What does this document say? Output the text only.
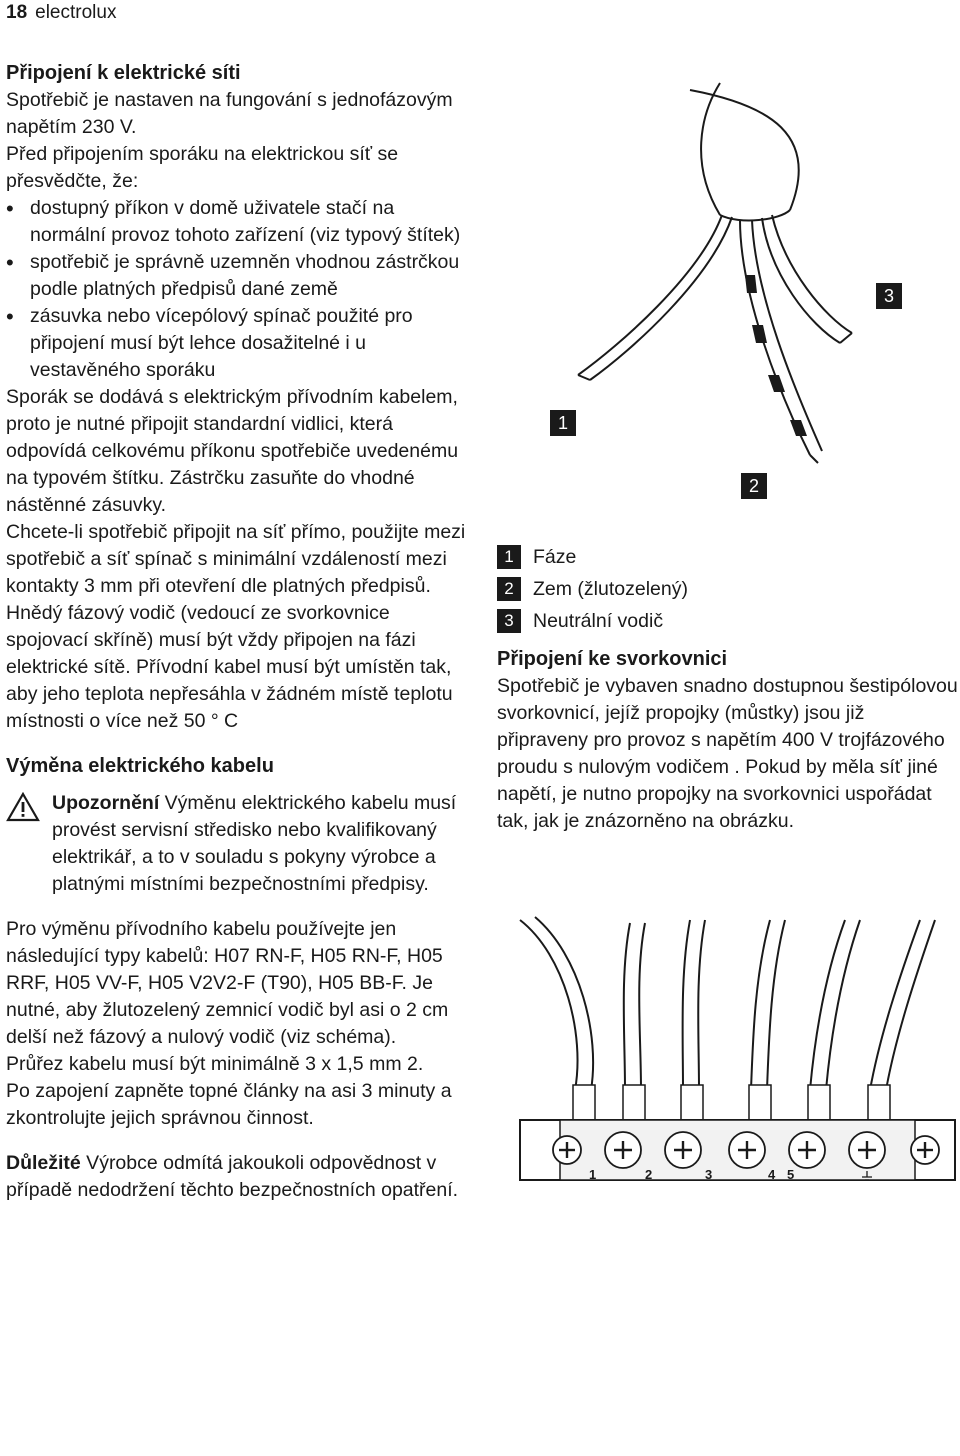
18 electrolux
Připojení k elektrické síti

Spotřebič je nastaven na fungování s jednofázovým napětím 230 V.

Před připojením sporáku na elektrickou síť se přesvědčte, že:

• dostupný příkon v domě uživatele stačí na normální provoz tohoto zařízení (viz typový štítek)
• spotřebič je správně uzemněn vhodnou zástrčkou podle platných předpisů dané země
• zásuvka nebo vícepólový spínač použité pro připojení musí být lehce dosažitelné i u vestavěného sporáku

Sporák se dodává s elektrickým přívodním kabelem, proto je nutné připojit standardní vidlici, která odpovídá celkovému příkonu spotřebiče uvedenému na typovém štítku. Zástrčku zasuňte do vhodné nástěnné zásuvky.

Chcete-li spotřebič připojit na síť přímo, použijte mezi spotřebič a síť spínač s minimální vzdáleností mezi kontakty 3 mm při otevření dle platných předpisů.

Hnědý fázový vodič (vedoucí ze svorkovnice spojovací skříně) musí být vždy připojen na fázi elektrické sítě. Přívodní kabel musí být umístěn tak, aby jeho teplota nepřesáhla v žádném místě teplotu místnosti o více než 50 ° C

Výměna elektrického kabelu

Upozornění Výměnu elektrického kabelu musí provést servisní středisko nebo kvalifikovaný elektrikář, a to v souladu s pokyny výrobce a platnými místními bezpečnostními předpisy.

Pro výměnu přívodního kabelu používejte jen následující typy kabelů: H07 RN-F, H05 RN-F, H05 RRF, H05 VV-F, H05 V2V2-F (T90), H05 BB-F. Je nutné, aby žlutozelený zemnicí vodič byl asi o 2 cm delší než fázový a nulový vodič (viz schéma).

Průřez kabelu musí být minimálně 3 x 1,5 mm 2.

Po zapojení zapněte topné články na asi 3 minuty a zkontrolujte jejich správnou činnost.

Důležité Výrobce odmítá jakoukoli odpovědnost v případě nedodržení těchto bezpečnostních opatření.

1
2
3
1 Fáze
2 Zem (žlutozelený)
3 Neutrální vodič
Připojení ke svorkovnici

Spotřebič je vybaven snadno dostupnou šestipólovou svorkovnicí, jejíž propojky (můstky) jsou již připraveny pro provoz s napětím 400 V trojfázového proudu s nulovým vodičem . Pokud by měla síť jiné napětí, je nutno propojky na svorkovnici uspořádat tak, jak je znázorněno na obrázku.

1	2	3	4 5
